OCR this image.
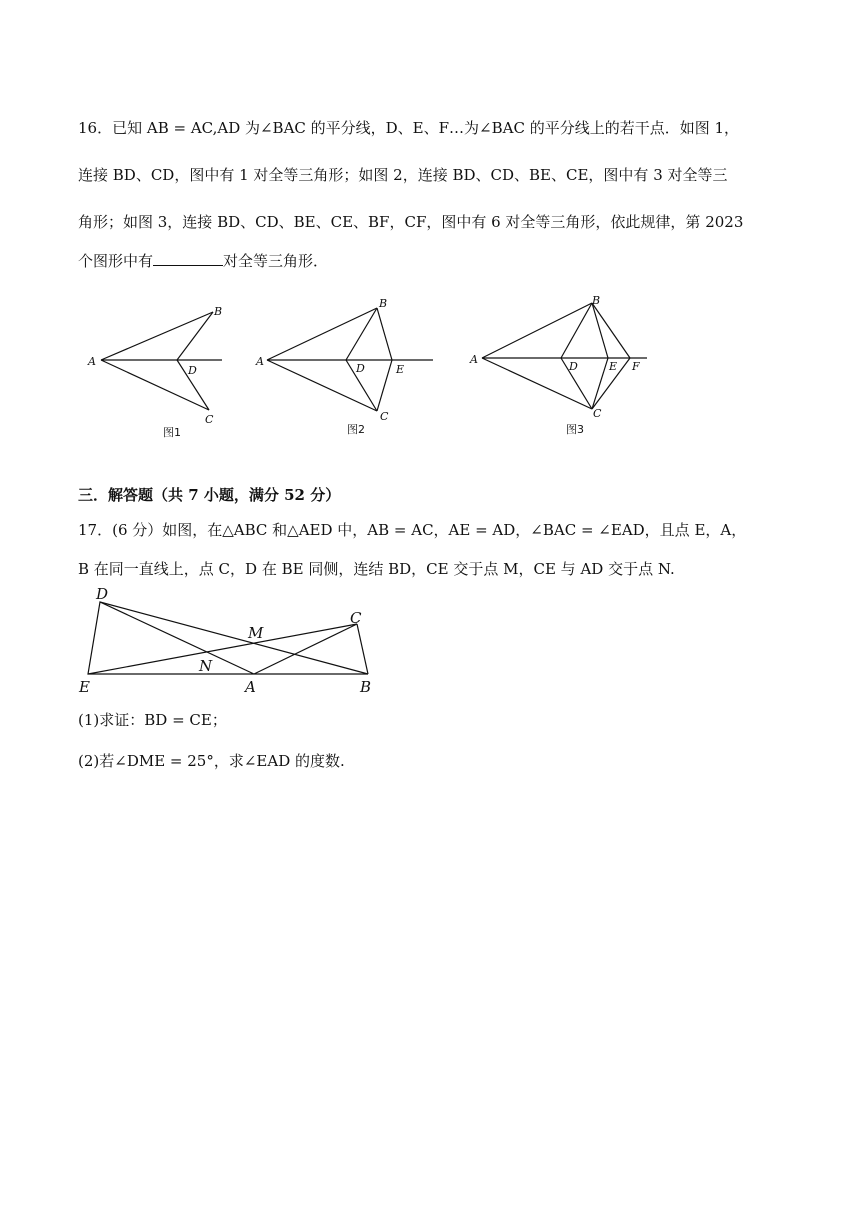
16．已知 AB = AC,AD 为∠BAC 的平分线，D、E、F…为∠BAC 的平分线上的若干点．如图 1，
连接 BD、CD，图中有 1 对全等三角形；如图 2，连接 BD、CD、BE、CE，图中有 3 对全等三
角形；如图 3，连接 BD、CD、BE、CE、BF，CF，图中有 6 对全等三角形，依此规律，第 2023
个图形中有	对全等三角形．
A
B
C
D
图1
A
B
C
D	E
图2
A
B
C
D	E F
图3
三．解答题（共 7 小题，满分 52 分）
17．(6 分）如图，在△ABC 和△AED 中，AB = AC，AE = AD，∠BAC = ∠EAD，且点 E，A，
B 在同一直线上，点 C，D 在 BE 同侧，连结 BD，CE 交于点 M，CE 与 AD 交于点 N.
D
C
M
N
E	A	B
(1)求证：BD = CE；
(2)若∠DME = 25°，求∠EAD 的度数.
